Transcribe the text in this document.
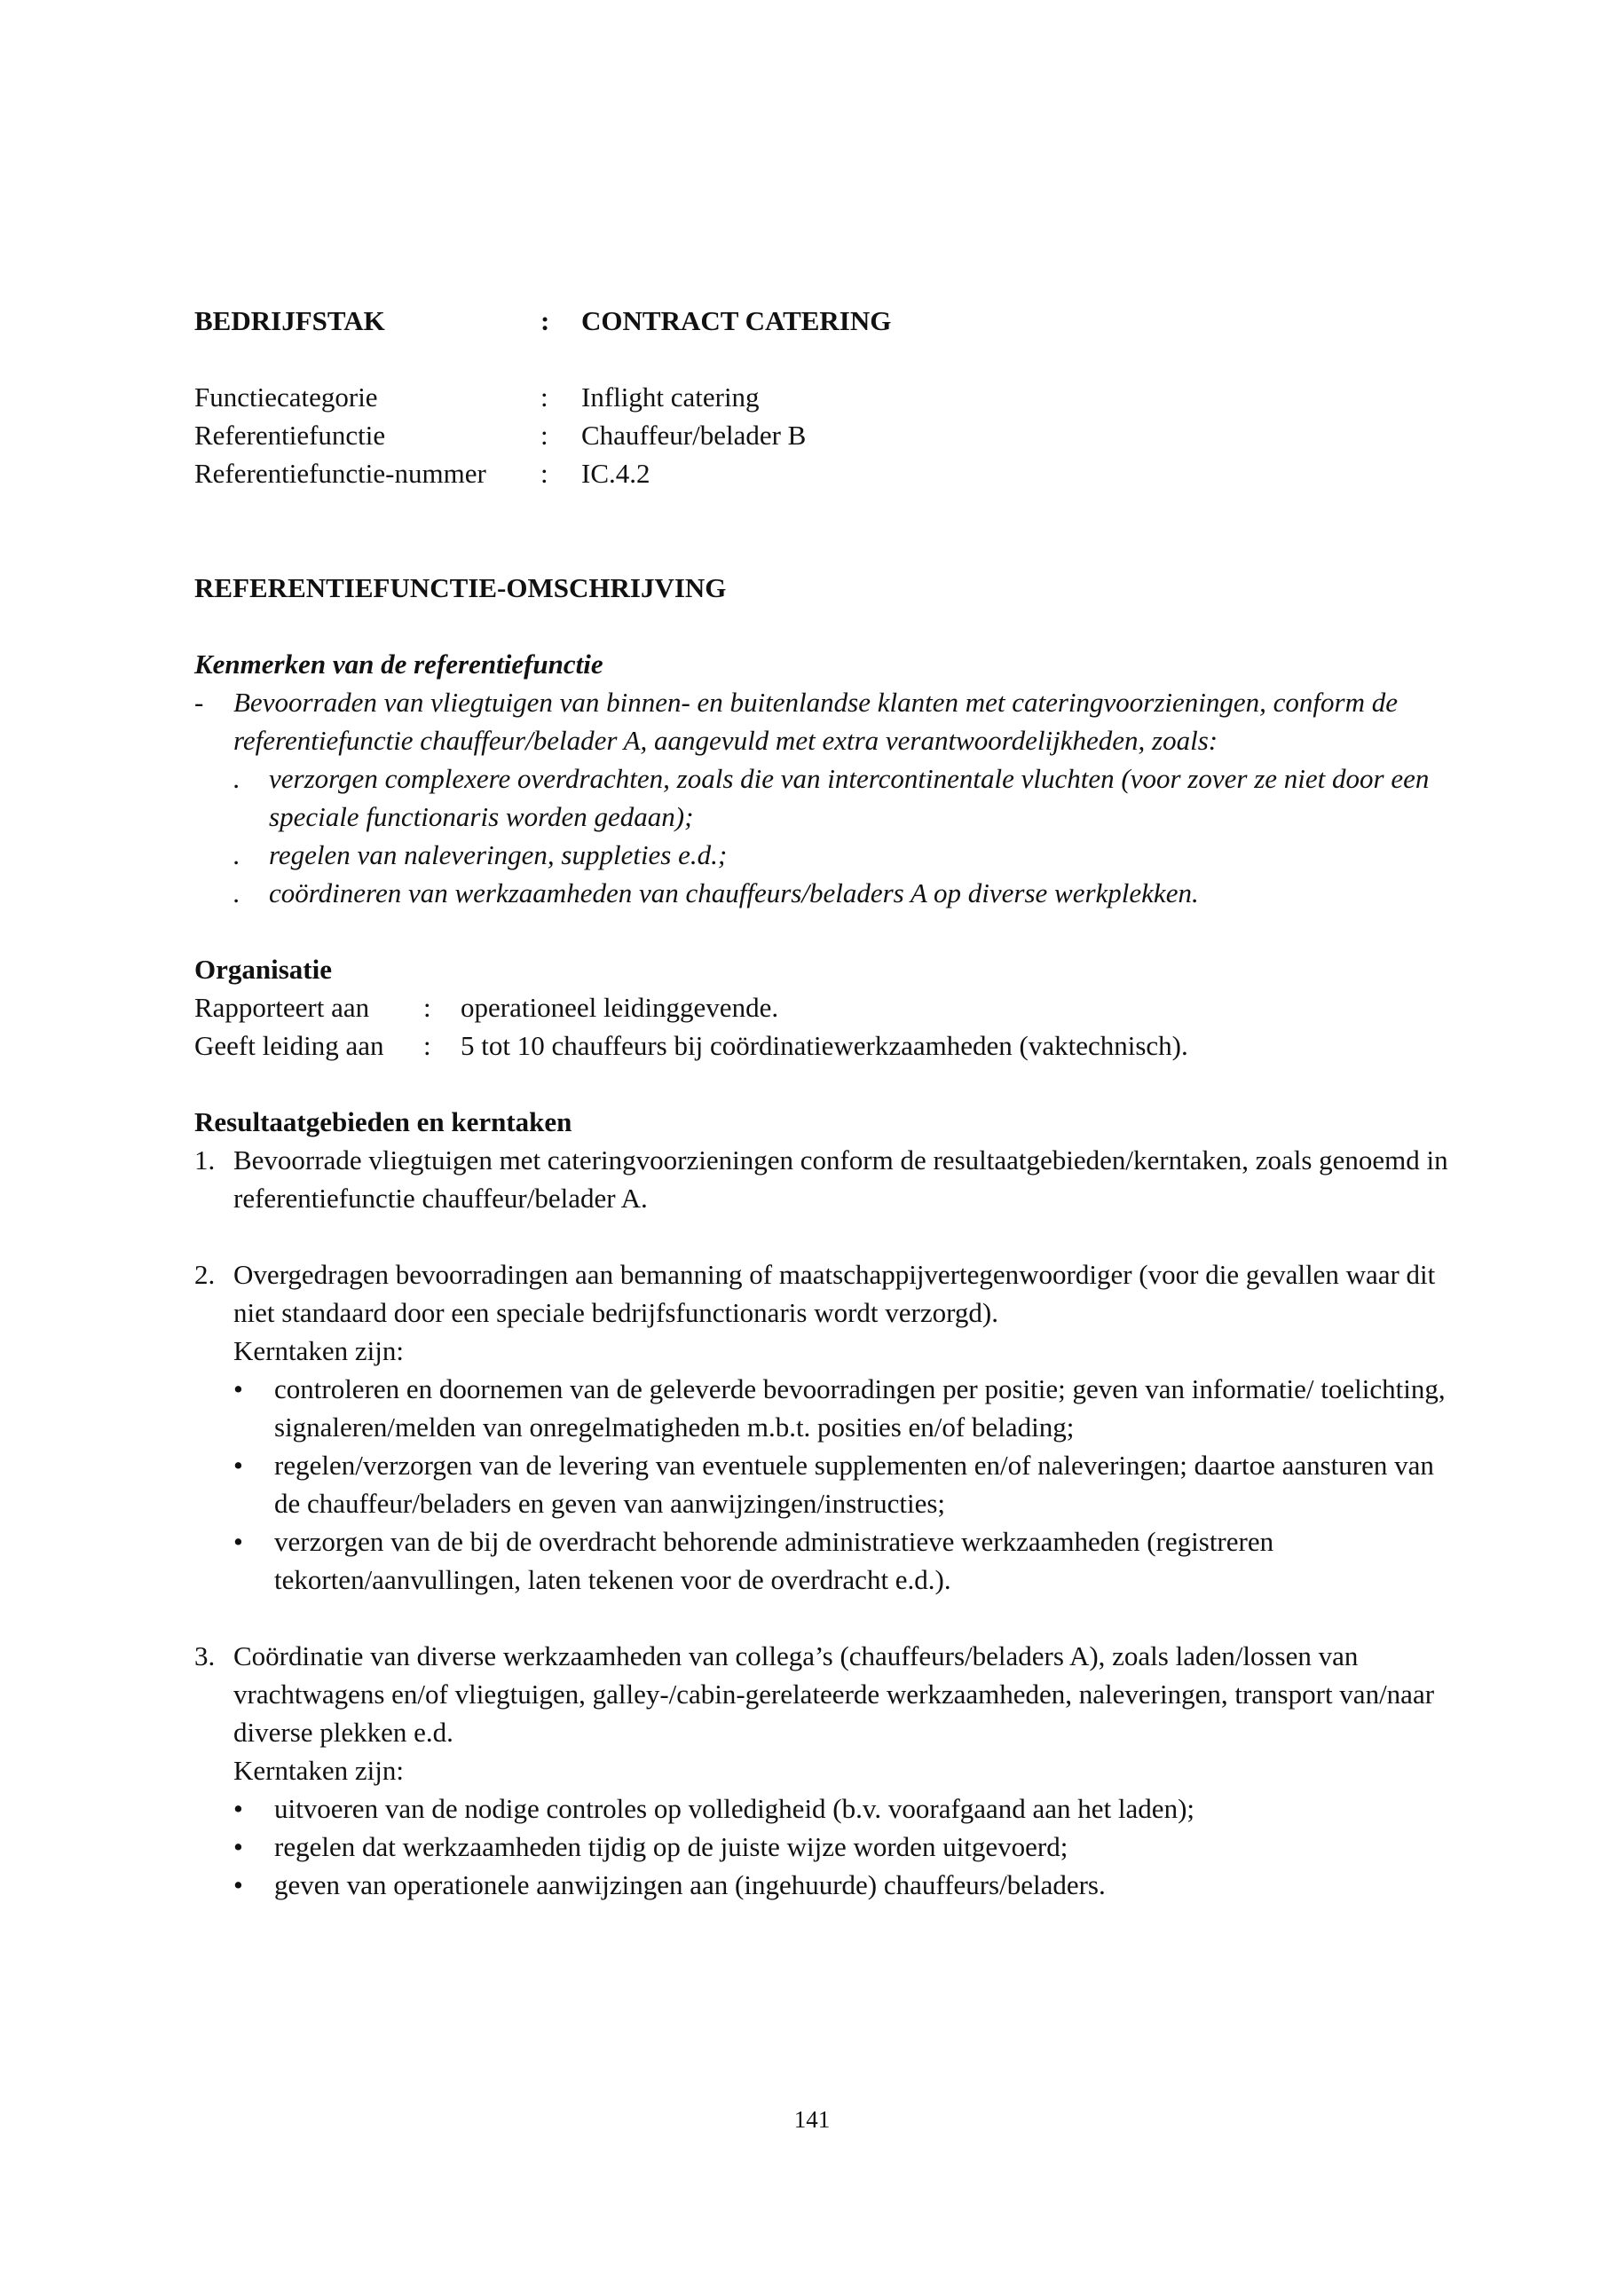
BEDRIJFSTAK	:	CONTRACT CATERING
Functiecategorie	:	Inflight catering
Referentiefunctie	:	Chauffeur/belader B
Referentiefunctie-nummer	:	IC.4.2
REFERENTIEFUNCTIE-OMSCHRIJVING
Kenmerken van de referentiefunctie
-	Bevoorraden van vliegtuigen van binnen- en buitenlandse klanten met cateringvoorzieningen, conform de referentiefunctie chauffeur/belader A, aangevuld met extra verantwoordelijkheden, zoals:
.	verzorgen complexere overdrachten, zoals die van intercontinentale vluchten (voor zover ze niet door een speciale functionaris worden gedaan);
.	regelen van naleveringen, suppleties e.d.;
.	coördineren van werkzaamheden van chauffeurs/beladers A op diverse werkplekken.
Organisatie
Rapporteert aan	:	operationeel leidinggevende.
Geeft leiding aan	:	5 tot 10 chauffeurs bij coördinatiewerkzaamheden (vaktechnisch).
Resultaatgebieden en kerntaken
1. Bevoorrade vliegtuigen met cateringvoorzieningen conform de resultaatgebieden/kerntaken, zoals genoemd in referentiefunctie chauffeur/belader A.
2. Overgedragen bevoorradingen aan bemanning of maatschappijvertegenwoordiger (voor die gevallen waar dit niet standaard door een speciale bedrijfsfunctionaris wordt verzorgd).
Kerntaken zijn:
•	controleren en doornemen van de geleverde bevoorradingen per positie; geven van informatie/ toelichting, signaleren/melden van onregelmatigheden m.b.t. posities en/of belading;
•	regelen/verzorgen van de levering van eventuele supplementen en/of naleveringen; daartoe aansturen van de chauffeur/beladers en geven van aanwijzingen/instructies;
•	verzorgen van de bij de overdracht behorende administratieve werkzaamheden (registreren tekorten/aanvullingen, laten tekenen voor de overdracht e.d.).
3. Coördinatie van diverse werkzaamheden van collega’s (chauffeurs/beladers A), zoals laden/lossen van vrachtwagens en/of vliegtuigen, galley-/cabin-gerelateerde werkzaamheden, naleveringen, transport van/naar diverse plekken e.d.
Kerntaken zijn:
•	uitvoeren van de nodige controles op volledigheid (b.v. voorafgaand aan het laden);
•	regelen dat werkzaamheden tijdig op de juiste wijze worden uitgevoerd;
•	geven van operationele aanwijzingen aan (ingehuurde) chauffeurs/beladers.
141
